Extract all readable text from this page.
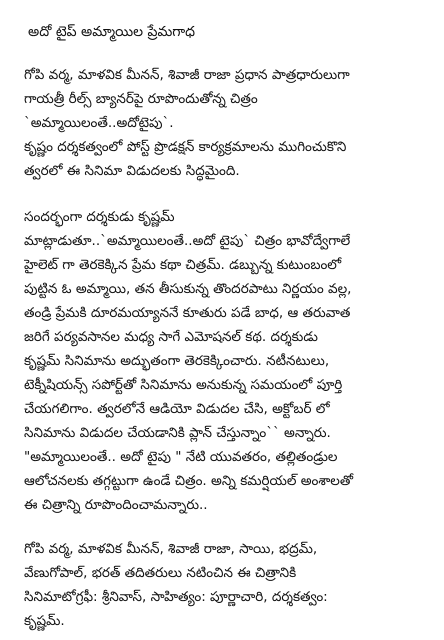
అదో టైప్ అమ్మాయిల ప్రేమగాధ
గోపి వర్మ, మాళవిక మీనన్, శివాజీ రాజా ప్రధాన పాత్రధారులుగా
గాయత్రీ రీల్స్ బ్యానర్‌పై రూపొందుతోన్న చిత్రం
`అమ్మాయిలంతే..అదోటైపు`.
కృష్ణం దర్శకత్వంలో పోస్ట్ ప్రొడక్షన్ కార్యక్రమాలను ముగించుకొని
త్వరలో ఈ సినిమా విడుదలకు సిద్ధమైంది.
సందర్భంగా దర్శకుడు కృష్ణమ్
మాట్లాడుతూ..`అమ్మాయిలంతే..అదో టైపు` చిత్రం భావోద్వేగాలే
హైలెట్ గా తెరకెక్కిన ప్రేమ కథా చిత్రమ్. డబ్బున్న కుటుంబంలో
పుట్టిన ఓ అమ్మాయి, తన తీసుకున్న తొందరపాటు నిర్ణయం వల్ల,
తండ్రి ప్రేమకి దూరమయ్యాననే కూతురు పడే బాధ, ఆ తరువాత
జరిగే పర్యవసానల మధ్య సాగే ఎమోషనల్ కథ. దర్శకుడు
కృష్ణమ్ సినిమాను అద్భుతంగా తెరకెక్కించారు. నటీనటులు,
టెక్నీషియన్స్ సపోర్ట్‌తో సినిమాను అనుకున్న సమయంలో పూర్తి
చేయగలిగాం. త్వరలోనే ఆడియో విడుదల చేసి, అక్టోబర్ లో
సినిమాను విడుదల చేయడానికి ప్లాన్ చేస్తున్నాం`` అన్నారు.
"అమ్మాయిలంతే.. అదో టైపు " నేటి యువతరం, తల్లితండ్రుల
ఆలోచనలకు తగ్గట్టుగా ఉండే చిత్రం. అన్ని కమర్షియల్ అంశాలతో
ఈ చిత్రాన్ని రూపొందించామన్నారు..
గోపి వర్మ, మాళవిక మీనన్, శివాజీ రాజా, సాయి, భద్రమ్,
వేణుగోపాల్, భరత్ తదితరులు నటించిన ఈ చిత్రానికి
సినిమాటోగ్రఫీ: శ్రీనివాస్, సాహిత్యం: పూర్ణాచారి, దర్శకత్వం:
కృష్ణమ్.
